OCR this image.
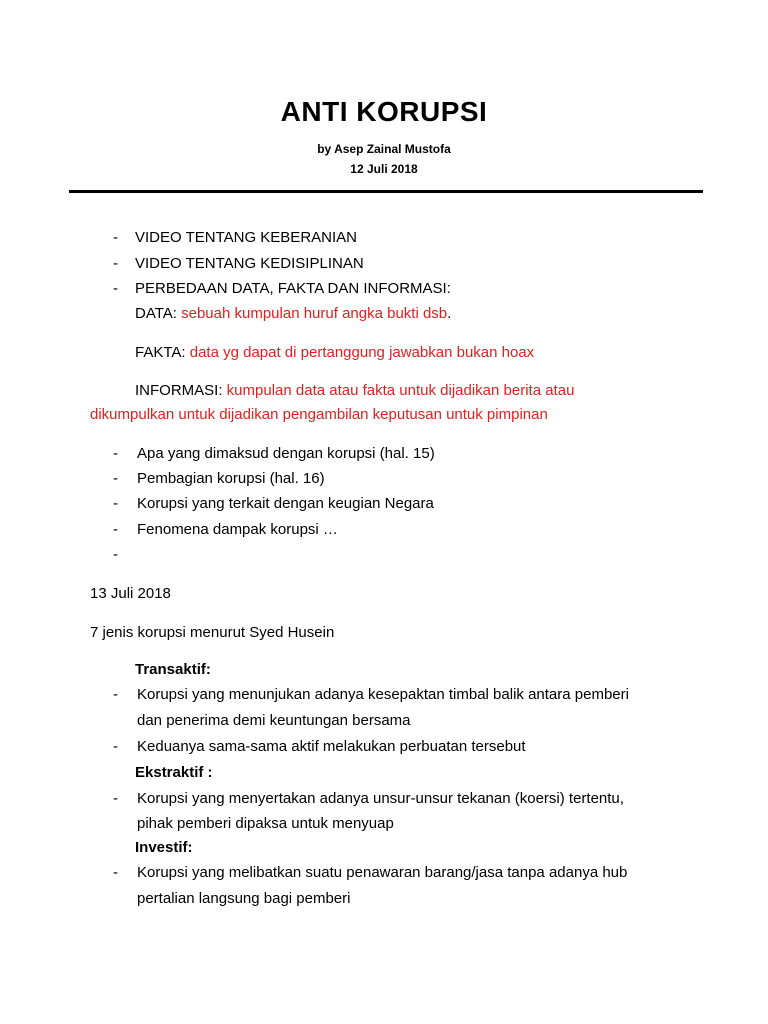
ANTI KORUPSI
by Asep Zainal Mustofa
12 Juli 2018
- VIDEO TENTANG KEBERANIAN
- VIDEO TENTANG KEDISIPLINAN
- PERBEDAAN DATA, FAKTA DAN INFORMASI:
DATA: sebuah kumpulan huruf angka bukti dsb.
FAKTA: data yg dapat di pertanggung jawabkan bukan hoax
INFORMASI: kumpulan data atau fakta untuk dijadikan berita atau
dikumpulkan untuk dijadikan pengambilan keputusan untuk pimpinan
- Apa yang dimaksud dengan korupsi (hal. 15)
- Pembagian korupsi (hal. 16)
- Korupsi yang terkait dengan keugian Negara
- Fenomena dampak korupsi …
-
13 Juli 2018
7 jenis korupsi menurut Syed Husein
Transaktif:
- Korupsi yang menunjukan adanya kesepaktan timbal balik antara pemberi
dan penerima demi keuntungan bersama
- Keduanya sama-sama aktif melakukan perbuatan tersebut
Ekstraktif :
- Korupsi yang menyertakan adanya unsur-unsur tekanan (koersi) tertentu,
pihak pemberi dipaksa untuk menyuap
Investif:
- Korupsi yang melibatkan suatu penawaran barang/jasa tanpa adanya hub
pertalian langsung bagi pemberi
